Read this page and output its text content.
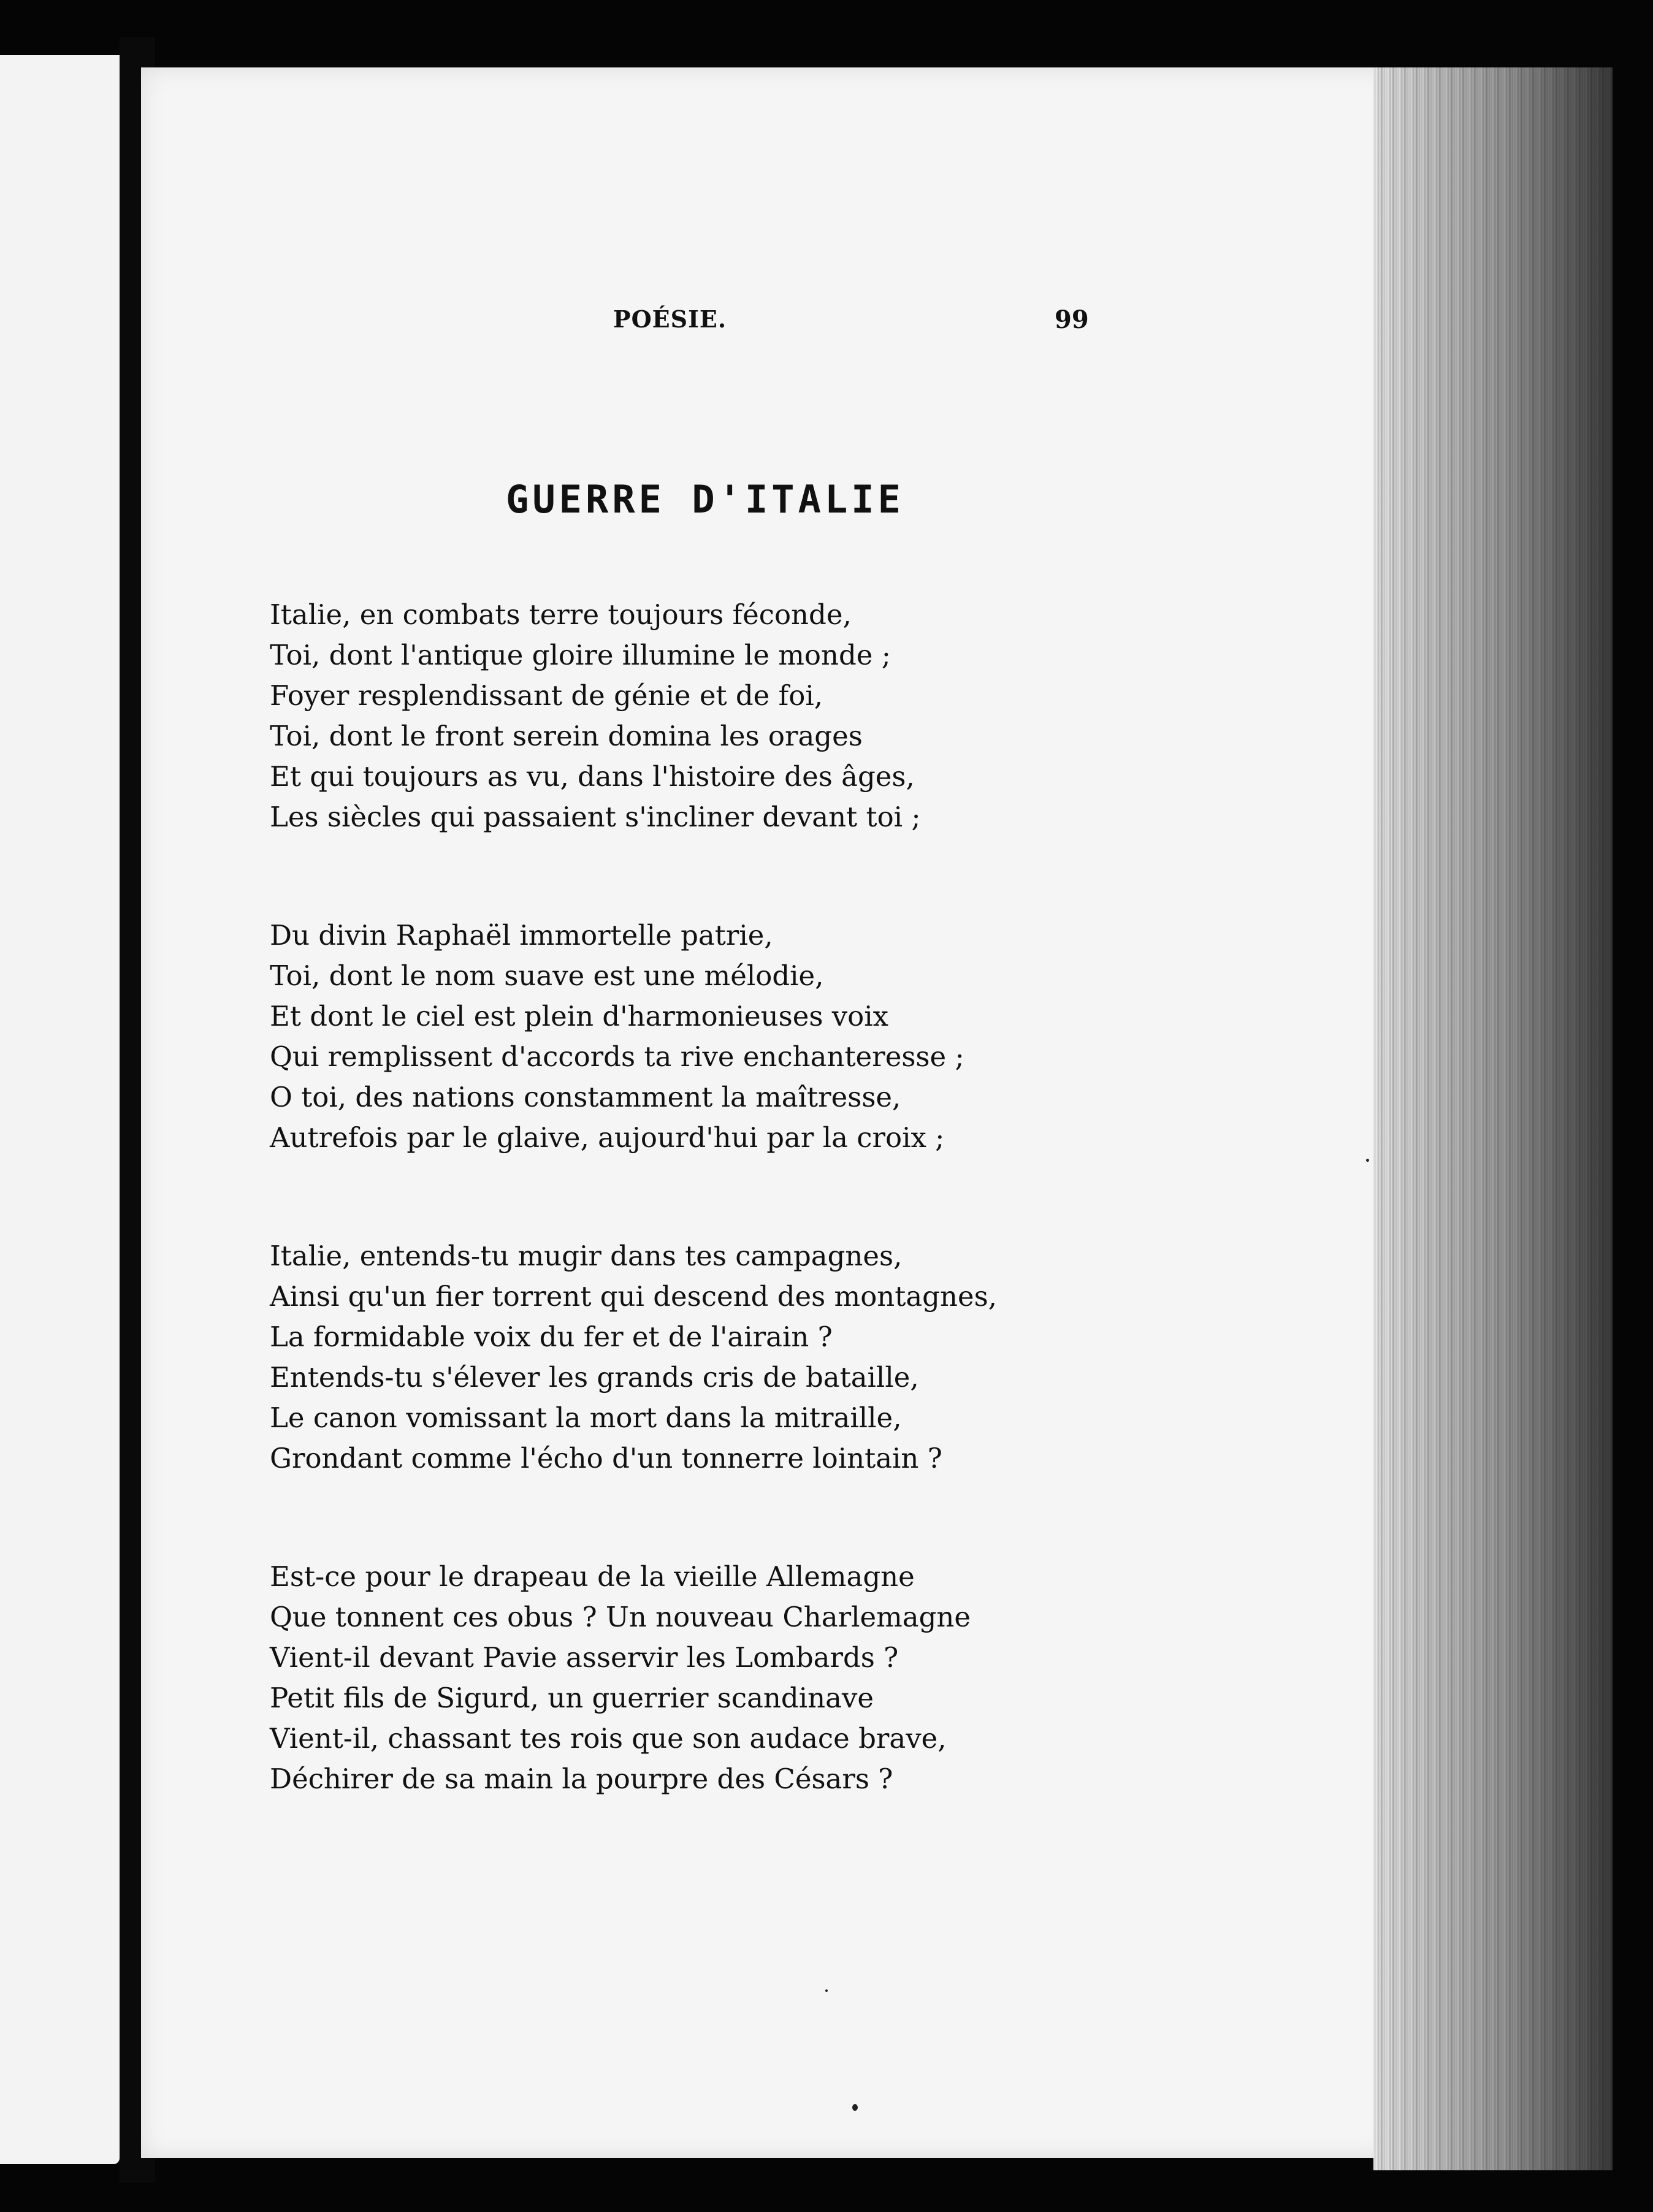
POÉSIE.	99
GUERRE D'ITALIE
Italie, en combats terre toujours féconde,
Toi, dont l'antique gloire illumine le monde ;
Foyer resplendissant de génie et de foi,
Toi, dont le front serein domina les orages
Et qui toujours as vu, dans l'histoire des âges,
Les siècles qui passaient s'incliner devant toi ;
Du divin Raphaël immortelle patrie,
Toi, dont le nom suave est une mélodie,
Et dont le ciel est plein d'harmonieuses voix
Qui remplissent d'accords ta rive enchanteresse ;
O toi, des nations constamment la maîtresse,
Autrefois par le glaive, aujourd'hui par la croix ;
Italie, entends-tu mugir dans tes campagnes,
Ainsi qu'un fier torrent qui descend des montagnes,
La formidable voix du fer et de l'airain ?
Entends-tu s'élever les grands cris de bataille,
Le canon vomissant la mort dans la mitraille,
Grondant comme l'écho d'un tonnerre lointain ?
Est-ce pour le drapeau de la vieille Allemagne
Que tonnent ces obus ? Un nouveau Charlemagne
Vient-il devant Pavie asservir les Lombards ?
Petit fils de Sigurd, un guerrier scandinave
Vient-il, chassant tes rois que son audace brave,
Déchirer de sa main la pourpre des Césars ?
